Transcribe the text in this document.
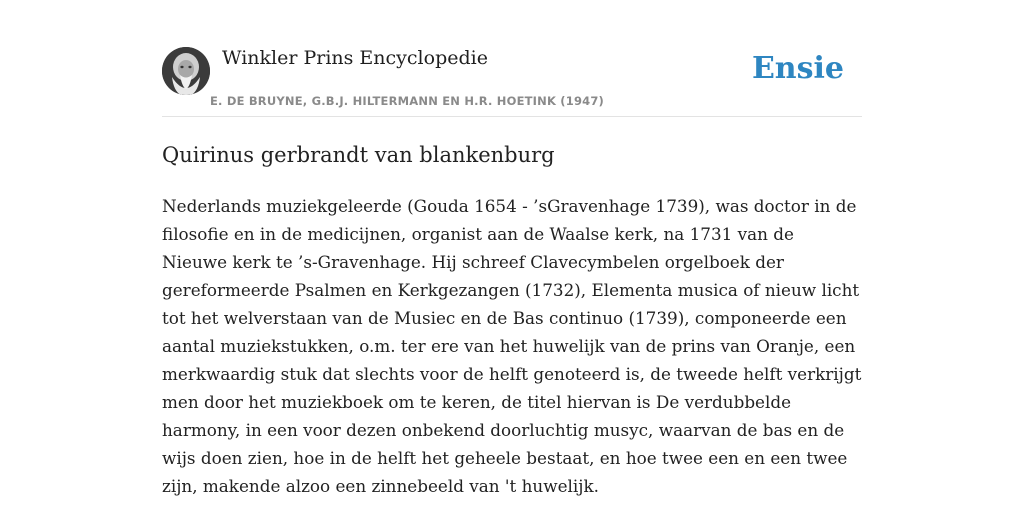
Winkler Prins Encyclopedie
E. DE BRUYNE, G.B.J. HILTERMANN EN H.R. HOETINK (1947)
Ensie
Quirinus gerbrandt van blankenburg

Nederlands muziekgeleerde (Gouda 1654 - ’sGravenhage 1739), was doctor in de filosofie en in de medicijnen, organist aan de Waalse kerk, na 1731 van de Nieuwe kerk te ’s-Gravenhage. Hij schreef Clavecymbelen orgelboek der gereformeerde Psalmen en Kerkgezangen (1732), Elementa musica of nieuw licht tot het welverstaan van de Musiec en de Bas continuo (1739), componeerde een aantal muziekstukken, o.m. ter ere van het huwelijk van de prins van Oranje, een merkwaardig stuk dat slechts voor de helft genoteerd is, de tweede helft verkrijgt men door het muziekboek om te keren, de titel hiervan is De verdubbelde harmony, in een voor dezen onbekend doorluchtig musyc, waarvan de bas en de wijs doen zien, hoe in de helft het geheele bestaat, en hoe twee een en een twee zijn, makende alzoo een zinnebeeld van 't huwelijk.
